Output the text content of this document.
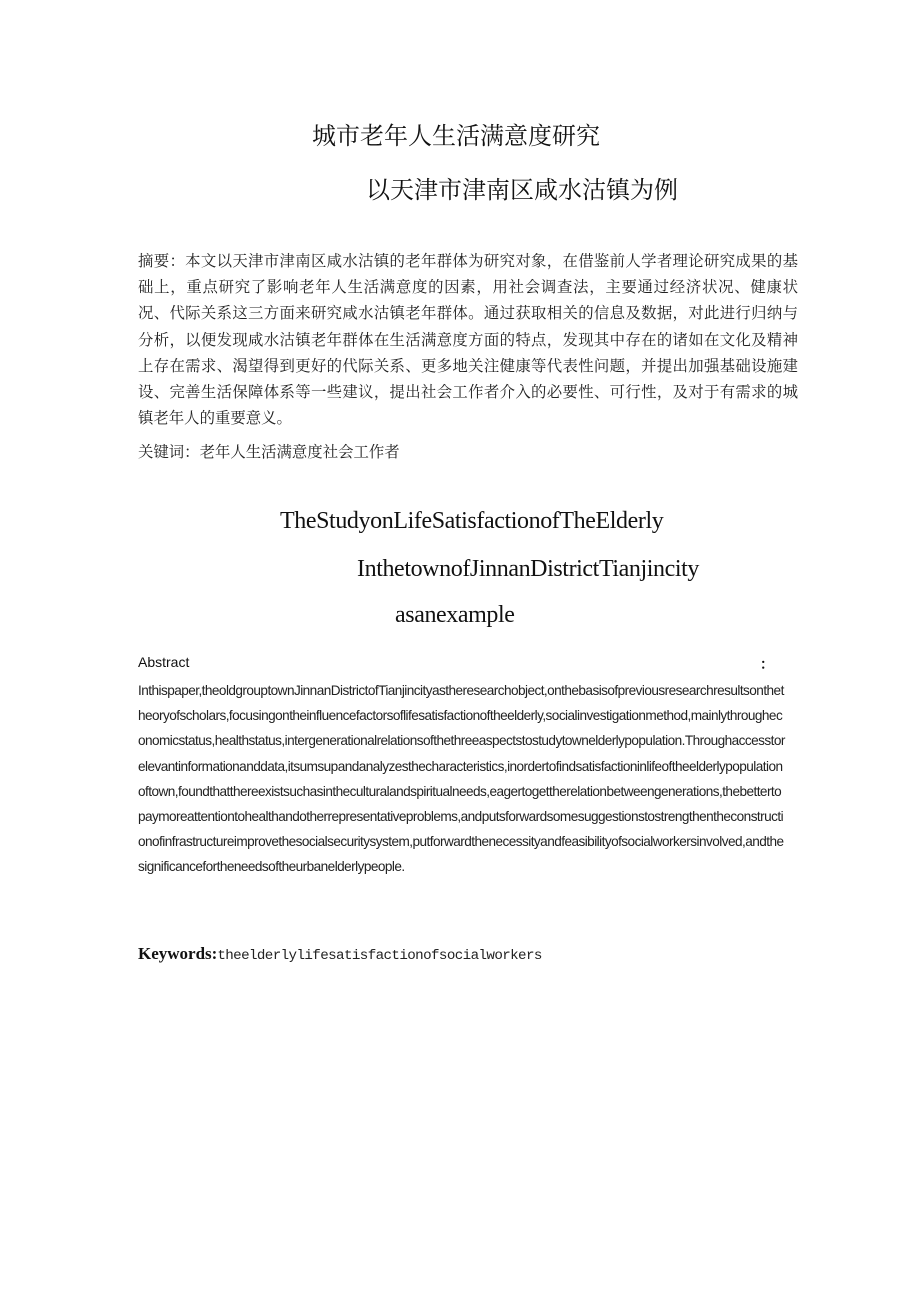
城市老年人生活满意度研究
以天津市津南区咸水沽镇为例

摘要：本文以天津市津南区咸水沽镇的老年群体为研究对象，在借鉴前人学者理论研究成果的基础上，重点研究了影响老年人生活满意度的因素，用社会调查法，主要通过经济状况、健康状况、代际关系这三方面来研究咸水沽镇老年群体。通过获取相关的信息及数据，对此进行归纳与分析，以便发现咸水沽镇老年群体在生活满意度方面的特点，发现其中存在的诸如在文化及精神上存在需求、渴望得到更好的代际关系、更多地关注健康等代表性问题，并提出加强基础设施建设、完善生活保障体系等一些建议，提出社会工作者介入的必要性、可行性，及对于有需求的城镇老年人的重要意义。

关键词：老年人生活满意度社会工作者
TheStudyonLifeSatisfactionofTheElderly
InthetownofJinnanDistrictTianjincity
asanexample
Abstract	：

Inthispaper,theoldgrouptownJinnanDistrictofTianjincityastheresearchobject,onthebasisofpreviousresearchresultsonthetheoryofscholars,focusingontheinfluencefactorsoflifesatisfactionoftheelderly,socialinvestigationmethod,mainlythrougheconomicstatus,healthstatus,intergenerationalrelationsofthethreeaspectstostudytownelderlypopulation.Throughaccesstorelevantinformationanddata,itsumsupandanalyzesthecharacteristics,inordertofindsatisfactioninlifeoftheelderlypopulationoftown,foundthatthereexistsuchasintheculturalandspiritualneeds,eagertogettherelationbetweengenerations,thebettertopaymoreattentiontohealthandotherrepresentativeproblems,andputsforwardsomesuggestionstostrengthentheconstructionofinfrastructureimprovethesocialsecuritysystem,putforwardthenecessityandfeasibilityofsocialworkersinvolved,andthesignificancefortheneedsoftheurbanelderlypeople.

Keywords:theelderlylifesatisfactionofsocialworkers
